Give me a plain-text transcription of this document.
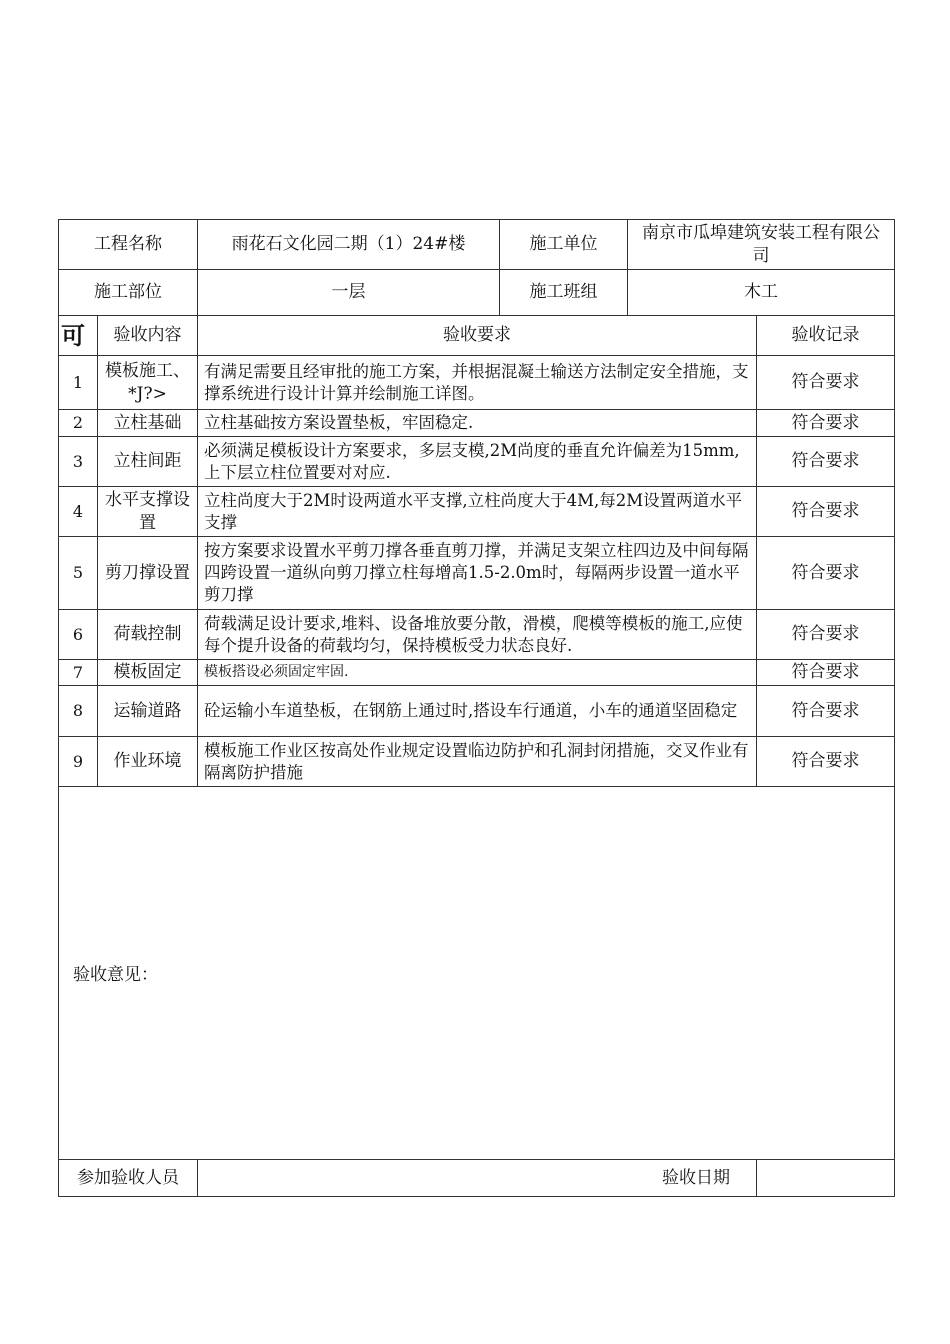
工程名称		雨花石文化园二期（1）24#楼	施工单位	南京市瓜埠建筑安装工程有限公司	
施工部位		一层	施工班组	木工	
可	验收内容	验收要求			验收记录
1	模板施工、*J?>	有满足需要且经审批的施工方案，并根据混凝土输送方法制定安全措施，支撑系统进行设计计算并绘制施工详图。			符合要求
2	立柱基础	立柱基础按方案设置垫板，牢固稳定.			符合要求
3	立柱间距	必须满足模板设计方案要求，多层支模,2M尚度的垂直允许偏差为15mm,上下层立柱位置要对对应.			符合要求
4	水平支撑设置	立柱尚度大于2M时设两道水平支撑,立柱尚度大于4M,每2M设置两道水平支撑			符合要求
5	剪刀撑设置	按方案要求设置水平剪刀撑各垂直剪刀撑，并满足支架立柱四边及中间每隔四跨设置一道纵向剪刀撑立柱每增高1.5-2.0m时，每隔两步设置一道水平剪刀撑			符合要求
6	荷载控制	荷载满足设计要求,堆料、设备堆放要分散，滑模，爬模等模板的施工,应使每个提升设备的荷载均匀，保持模板受力状态良好.			符合要求
7	模板固定	模板搭设必须固定牢固.			符合要求
8	运输道路	砼运输小车道垫板，在钢筋上通过时,搭设车行通道，小车的通道坚固稳定			符合要求
9	作业环境	模板施工作业区按高处作业规定设置临边防护和孔洞封闭措施，交叉作业有隔离防护措施			符合要求
验收意见：					
参加验收人员		验收日期			
